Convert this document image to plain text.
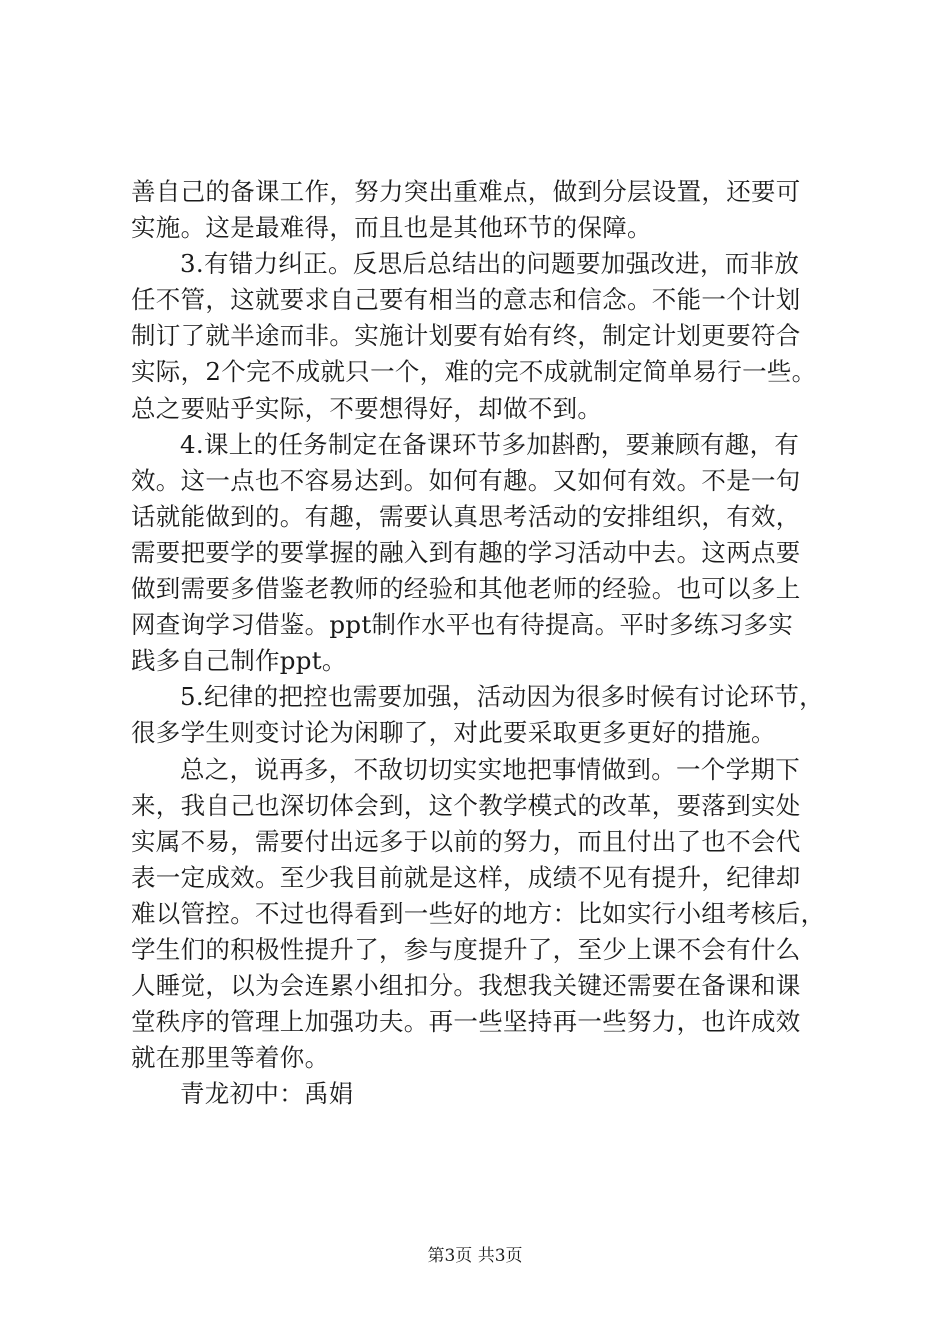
善自己的备课工作，努力突出重难点，做到分层设置，还要可
实施。这是最难得，而且也是其他环节的保障。
3.有错力纠正。反思后总结出的问题要加强改进，而非放
任不管，这就要求自己要有相当的意志和信念。不能一个计划
制订了就半途而非。实施计划要有始有终，制定计划更要符合
实际，2个完不成就只一个，难的完不成就制定简单易行一些。
总之要贴乎实际，不要想得好，却做不到。
4.课上的任务制定在备课环节多加斟酌，要兼顾有趣，有
效。这一点也不容易达到。如何有趣。又如何有效。不是一句
话就能做到的。有趣，需要认真思考活动的安排组织，有效，
需要把要学的要掌握的融入到有趣的学习活动中去。这两点要
做到需要多借鉴老教师的经验和其他老师的经验。也可以多上
网查询学习借鉴。ppt制作水平也有待提高。平时多练习多实
践多自己制作ppt。
5.纪律的把控也需要加强，活动因为很多时候有讨论环节，
很多学生则变讨论为闲聊了，对此要采取更多更好的措施。
总之，说再多，不敌切切实实地把事情做到。一个学期下
来，我自己也深切体会到，这个教学模式的改革，要落到实处
实属不易，需要付出远多于以前的努力，而且付出了也不会代
表一定成效。至少我目前就是这样，成绩不见有提升，纪律却
难以管控。不过也得看到一些好的地方：比如实行小组考核后，
学生们的积极性提升了，参与度提升了，至少上课不会有什么
人睡觉，以为会连累小组扣分。我想我关键还需要在备课和课
堂秩序的管理上加强功夫。再一些坚持再一些努力，也许成效
就在那里等着你。
青龙初中：禹娟
第3页 共3页
